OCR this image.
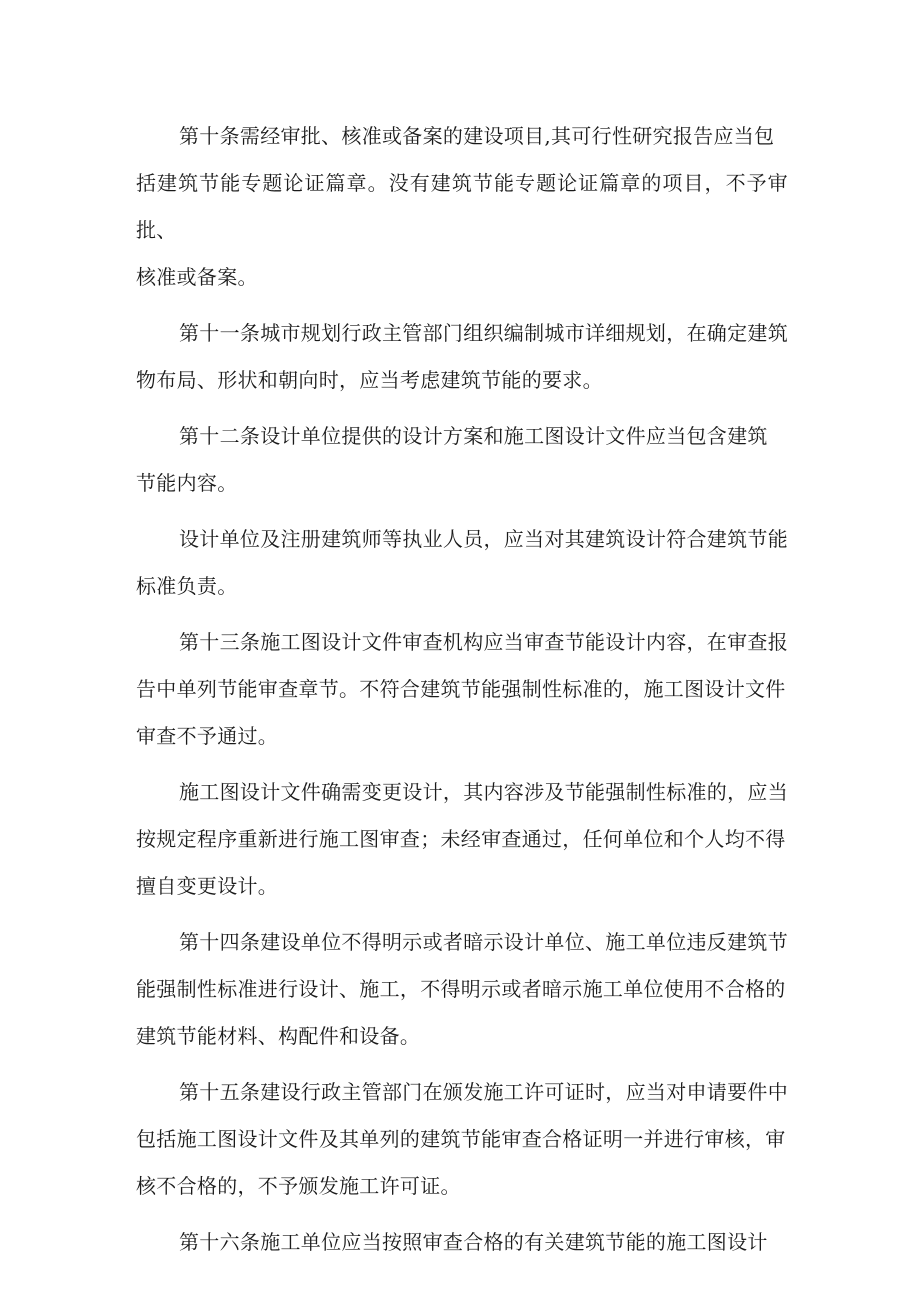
第十条需经审批、核准或备案的建设项目,其可行性研究报告应当包
括建筑节能专题论证篇章。没有建筑节能专题论证篇章的项目，不予审批、
核准或备案。

第十一条城市规划行政主管部门组织编制城市详细规划，在确定建筑
物布局、形状和朝向时，应当考虑建筑节能的要求。

第十二条设计单位提供的设计方案和施工图设计文件应当包含建筑
节能内容。

设计单位及注册建筑师等执业人员，应当对其建筑设计符合建筑节能
标准负责。

第十三条施工图设计文件审查机构应当审查节能设计内容，在审查报
告中单列节能审查章节。不符合建筑节能强制性标准的，施工图设计文件
审查不予通过。

施工图设计文件确需变更设计，其内容涉及节能强制性标准的，应当
按规定程序重新进行施工图审查；未经审查通过，任何单位和个人均不得
擅自变更设计。

第十四条建设单位不得明示或者暗示设计单位、施工单位违反建筑节
能强制性标准进行设计、施工，不得明示或者暗示施工单位使用不合格的
建筑节能材料、构配件和设备。

第十五条建设行政主管部门在颁发施工许可证时，应当对申请要件中
包括施工图设计文件及其单列的建筑节能审查合格证明一并进行审核，审
核不合格的，不予颁发施工许可证。

第十六条施工单位应当按照审查合格的有关建筑节能的施工图设计
